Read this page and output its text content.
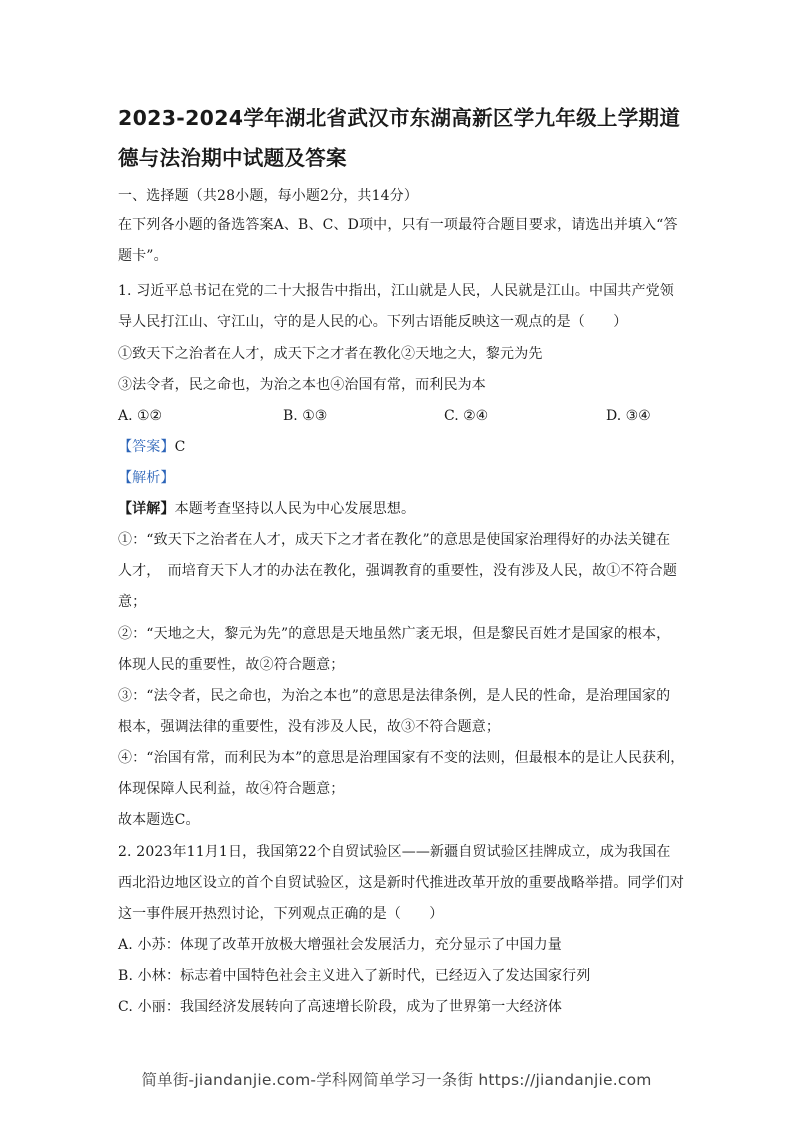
2023-2024学年湖北省武汉市东湖高新区学九年级上学期道
德与法治期中试题及答案
一、选择题（共28小题，每小题2分，共14分）
在下列各小题的备选答案A、B、C、D项中，只有一项最符合题目要求，请选出并填入“答
题卡”。
1. 习近平总书记在党的二十大报告中指出，江山就是人民，人民就是江山。中国共产党领
导人民打江山、守江山，守的是人民的心。下列古语能反映这一观点的是（　　）
①致天下之治者在人才，成天下之才者在教化②天地之大，黎元为先
③法令者，民之命也，为治之本也④治国有常，而利民为本
A. ①②	B. ①③	C. ②④	D. ③④
【答案】C
【解析】
【详解】本题考查坚持以人民为中心发展思想。
①：“致天下之治者在人才，成天下之才者在教化”的意思是使国家治理得好的办法关键在
人才，　而培育天下人才的办法在教化，强调教育的重要性，没有涉及人民，故①不符合题
意；
②：“天地之大，黎元为先”的意思是天地虽然广袤无垠，但是黎民百姓才是国家的根本，
体现人民的重要性，故②符合题意；
③：“法令者，民之命也，为治之本也”的意思是法律条例，是人民的性命，是治理国家的
根本，强调法律的重要性，没有涉及人民，故③不符合题意；
④：“治国有常，而利民为本”的意思是治理国家有不变的法则，但最根本的是让人民获利，
体现保障人民利益，故④符合题意；
故本题选C。
2. 2023年11月1日，我国第22个自贸试验区——新疆自贸试验区挂牌成立，成为我国在
西北沿边地区设立的首个自贸试验区，这是新时代推进改革开放的重要战略举措。同学们对
这一事件展开热烈讨论，下列观点正确的是（　　）
A. 小苏：体现了改革开放极大增强社会发展活力，充分显示了中国力量
B. 小林：标志着中国特色社会主义进入了新时代，已经迈入了发达国家行列
C. 小丽：我国经济发展转向了高速增长阶段，成为了世界第一大经济体
简单街-jiandanjie.com-学科网简单学习一条街 https://jiandanjie.com
